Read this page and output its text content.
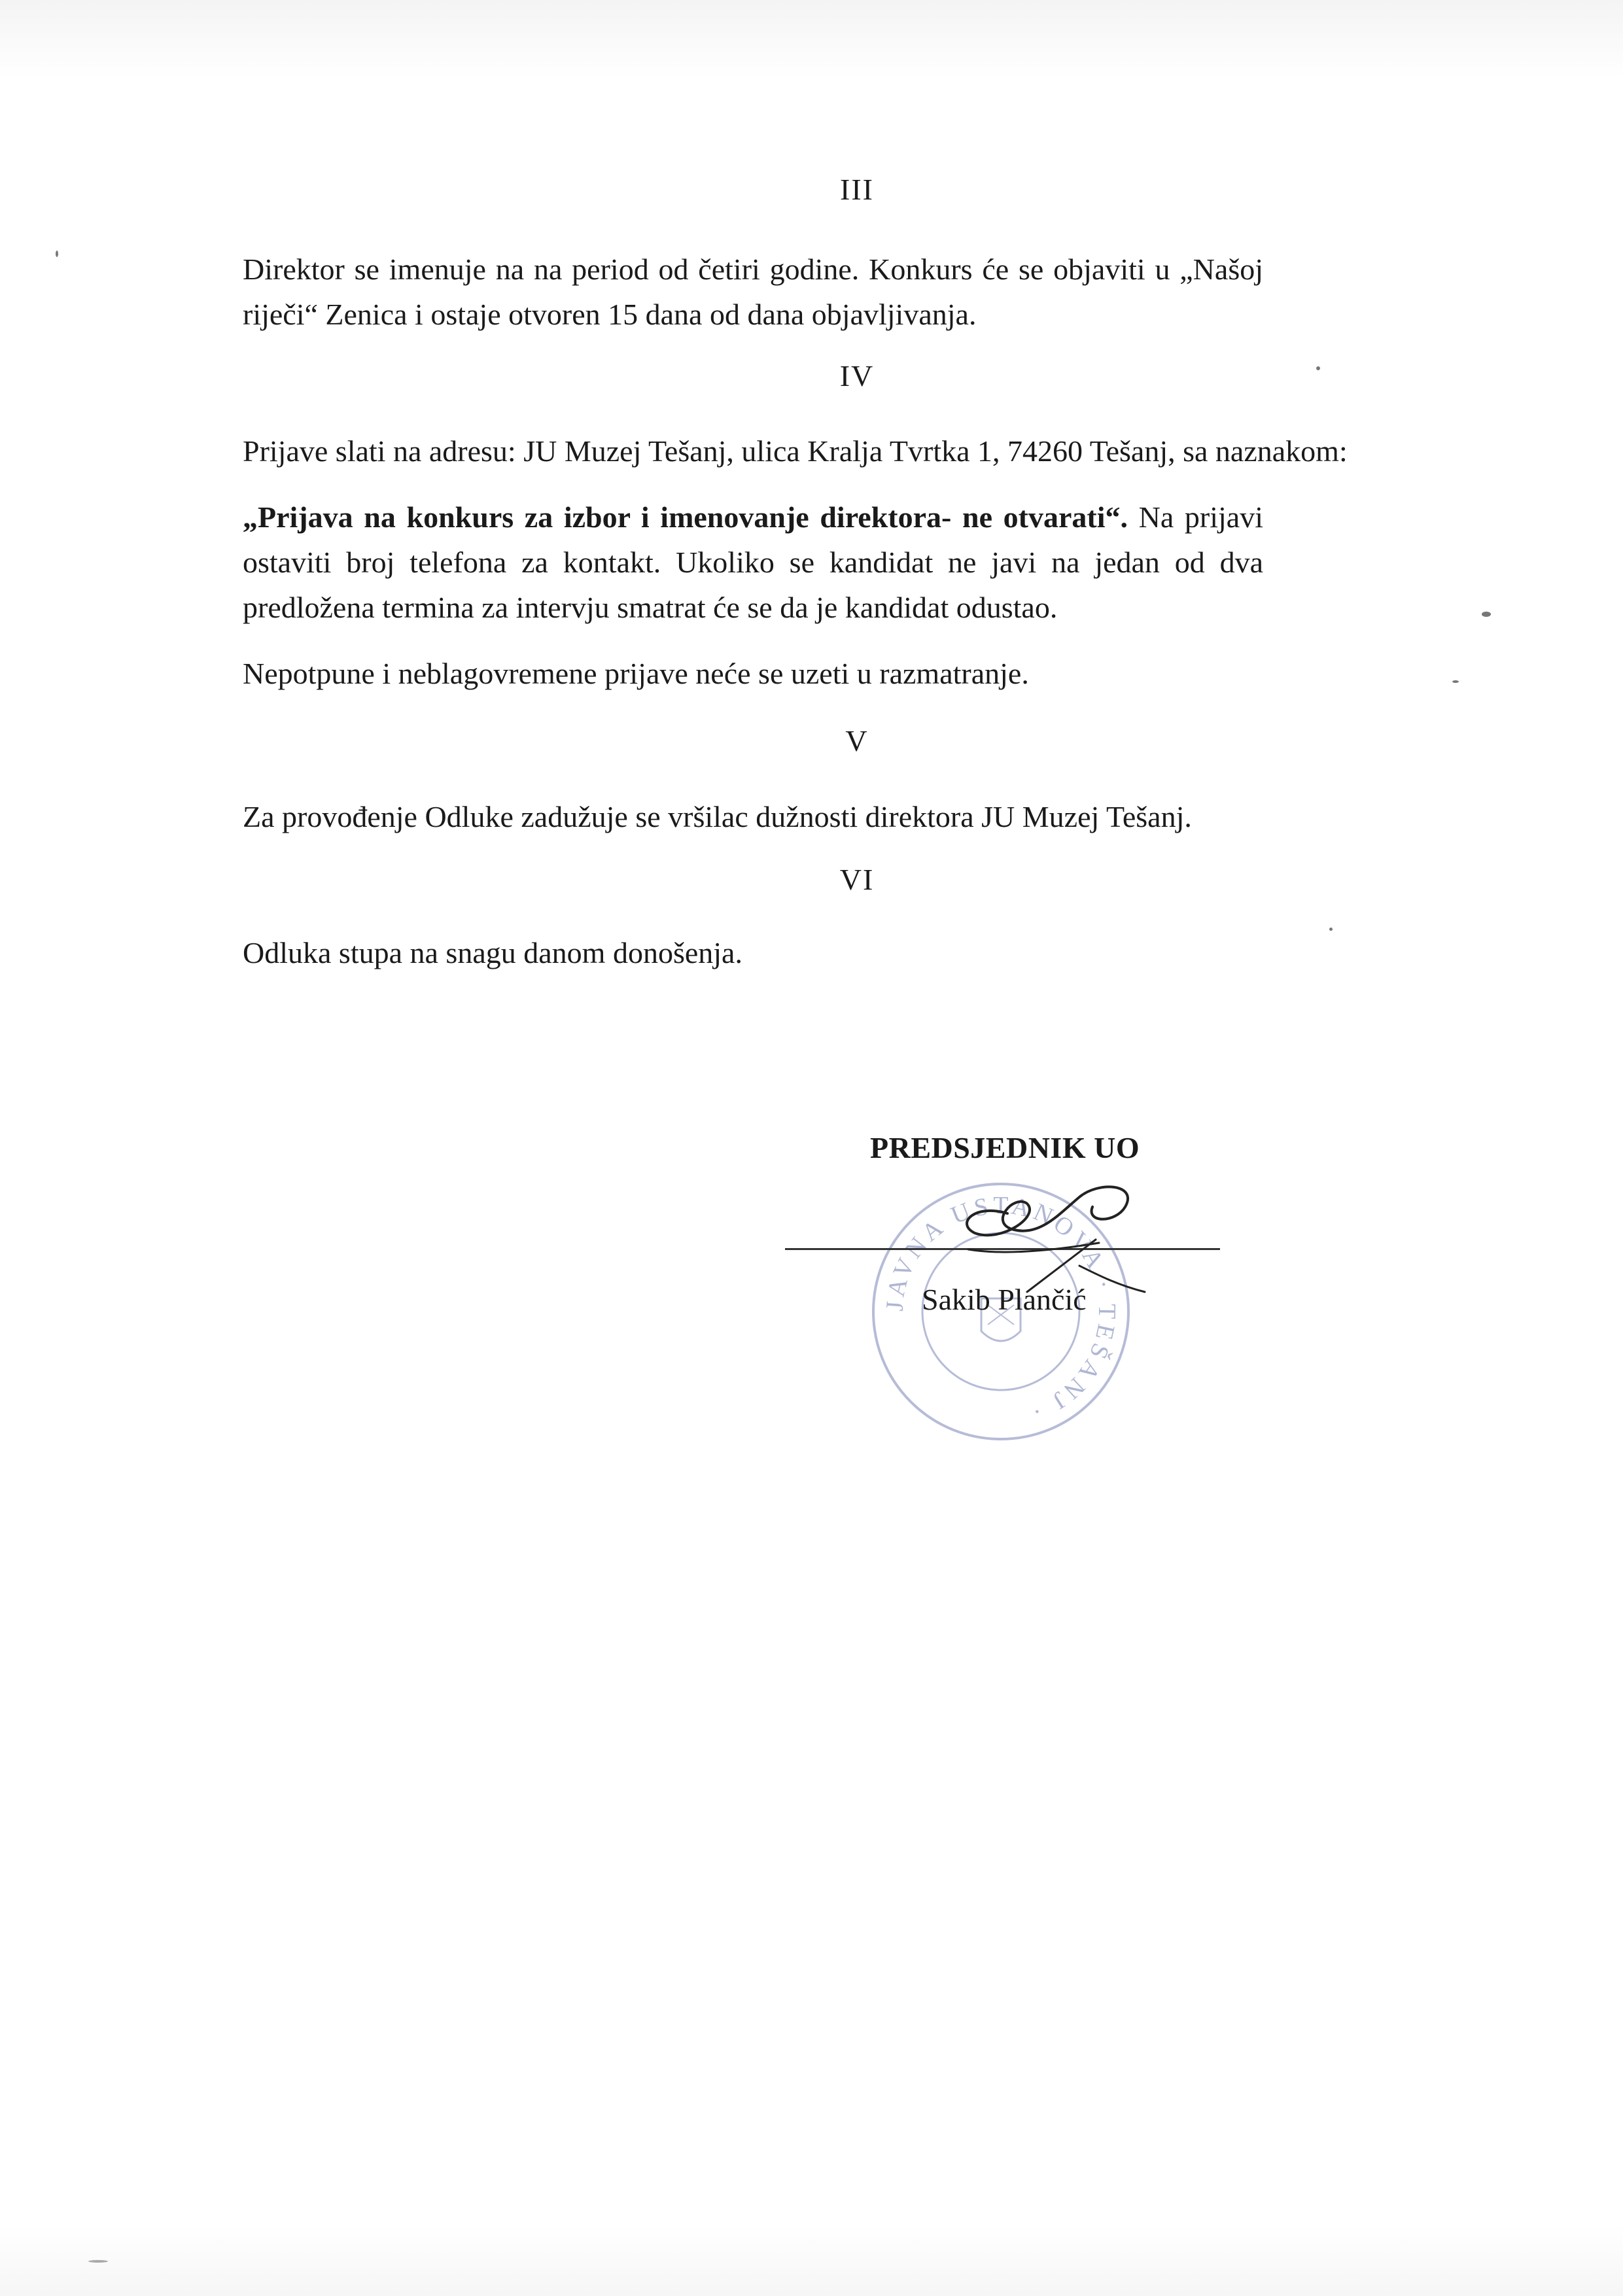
III
Direktor se imenuje na na period od četiri godine. Konkurs će se objaviti u „Našoj riječi“ Zenica i ostaje otvoren 15 dana od dana objavljivanja.
IV
Prijave slati na adresu: JU Muzej Tešanj, ulica Kralja Tvrtka 1, 74260 Tešanj, sa naznakom:
„Prijava na konkurs za izbor i imenovanje direktora- ne otvarati“. Na prijavi ostaviti broj telefona za kontakt. Ukoliko se kandidat ne javi na jedan od dva predložena termina za intervju smatrat će se da je kandidat odustao.
Nepotpune i neblagovremene prijave neće se uzeti u razmatranje.
V
Za provođenje Odluke zadužuje se vršilac dužnosti direktora JU Muzej Tešanj.
VI
Odluka stupa na snagu danom donošenja.
JAVNA USTANOVA · TEŠANJ ·
PREDSJEDNIK UO
Sakib Plančić
